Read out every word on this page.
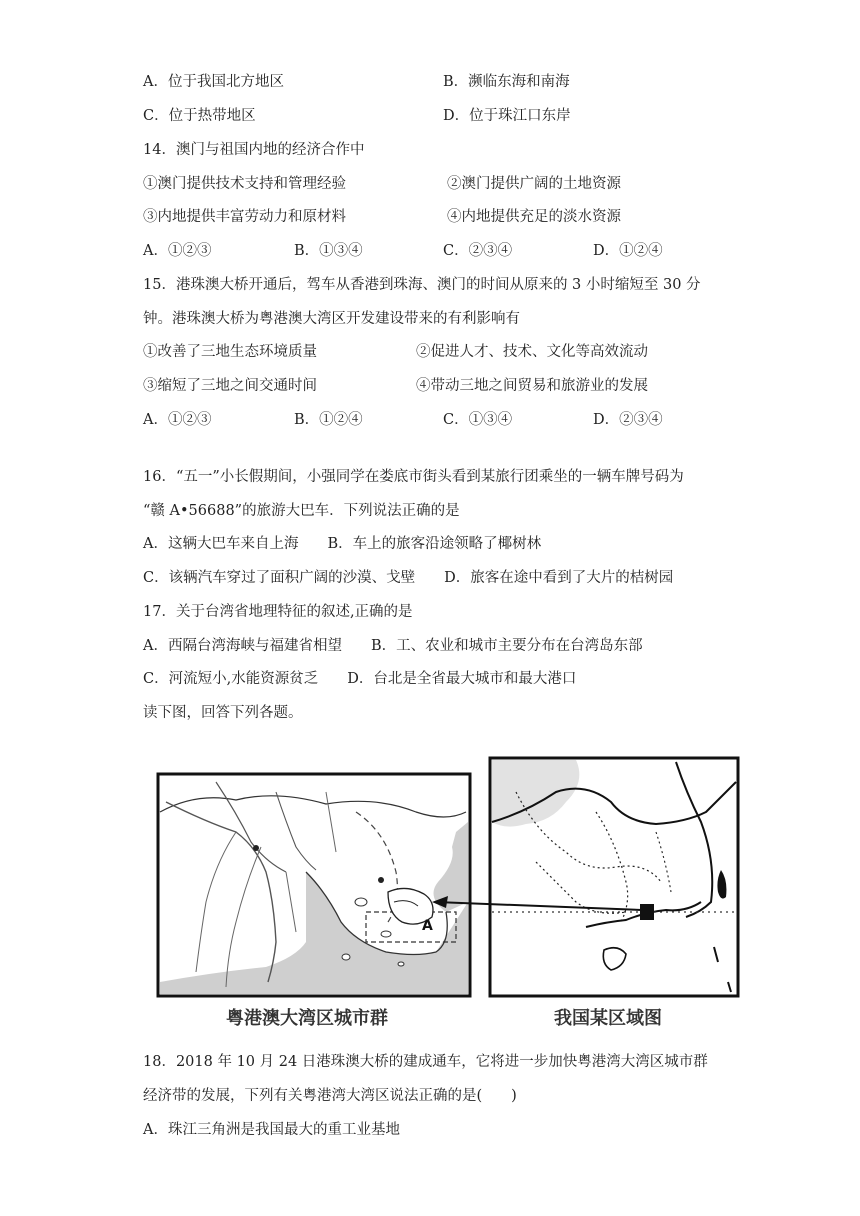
A．位于我国北方地区	B．濒临东海和南海
C．位于热带地区	D．位于珠江口东岸
14．澳门与祖国内地的经济合作中
①澳门提供技术支持和管理经验	②澳门提供广阔的土地资源
③内地提供丰富劳动力和原材料	④内地提供充足的淡水资源
A．①②③	B．①③④	C．②③④	D．①②④
15．港珠澳大桥开通后，驾车从香港到珠海、澳门的时间从原来的 3 小时缩短至 30 分
钟。港珠澳大桥为粤港澳大湾区开发建设带来的有利影响有
①改善了三地生态环境质量	②促进人才、技术、文化等高效流动
③缩短了三地之间交通时间	④带动三地之间贸易和旅游业的发展
A．①②③	B．①②④	C．①③④	D．②③④
16．“五一”小长假期间，小强同学在娄底市街头看到某旅行团乘坐的一辆车牌号码为
“赣 A•56688”的旅游大巴车．下列说法正确的是
A．这辆大巴车来自上海　　B．车上的旅客沿途领略了椰树林
C．该辆汽车穿过了面积广阔的沙漠、戈壁　　D．旅客在途中看到了大片的桔树园
17．关于台湾省地理特征的叙述,正确的是
A．西隔台湾海峡与福建省相望　　B．工、农业和城市主要分布在台湾岛东部
C．河流短小,水能资源贫乏　　D．台北是全省最大城市和最大港口
读下图，回答下列各题。
A
粤港澳大湾区城市群	我国某区域图
18．2018 年 10 月 24 日港珠澳大桥的建成通车，它将进一步加快粤港湾大湾区城市群
经济带的发展，下列有关粤港湾大湾区说法正确的是(　　)
A．珠江三角洲是我国最大的重工业基地
